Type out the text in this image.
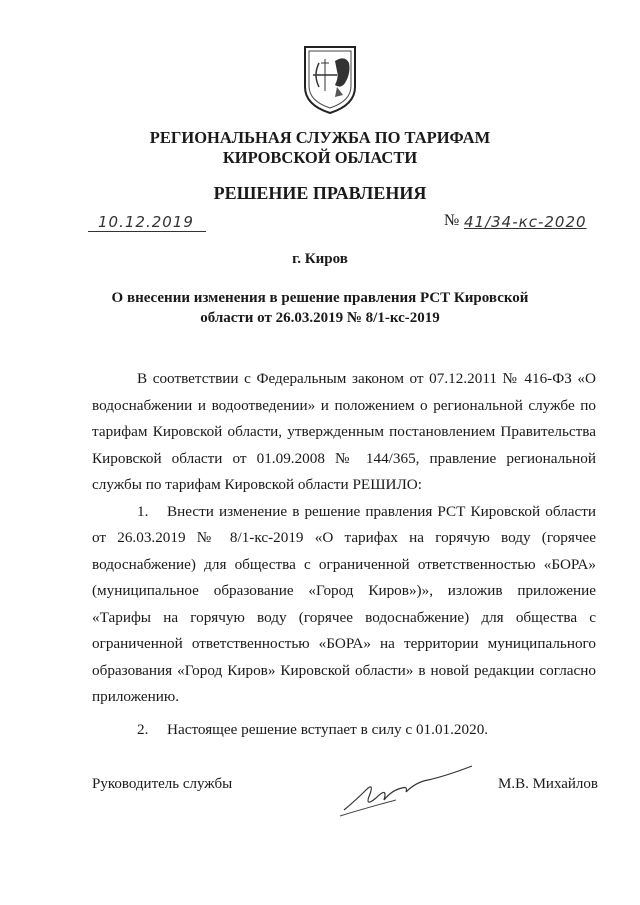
РЕГИОНАЛЬНАЯ СЛУЖБА ПО ТАРИФАМ
КИРОВСКОЙ ОБЛАСТИ
РЕШЕНИЕ ПРАВЛЕНИЯ
10.12.2019	№ 41/34-кс-2020
г. Киров
О внесении изменения в решение правления РСТ Кировской
области от 26.03.2019 № 8/1-кс-2019

В соответствии с Федеральным законом от 07.12.2011 № 416-ФЗ «О водоснабжении и водоотведении» и положением о региональной службе по тарифам Кировской области, утвержденным постановлением Правительства Кировской области от 01.09.2008 № 144/365, правление региональной службы по тарифам Кировской области РЕШИЛО:

1. Внести изменение в решение правления РСТ Кировской области от 26.03.2019 № 8/1-кс-2019 «О тарифах на горячую воду (горячее водоснабжение) для общества с ограниченной ответственностью «БОРА» (муниципальное образование «Город Киров»)», изложив приложение «Тарифы на горячую воду (горячее водоснабжение) для общества с ограниченной ответственностью «БОРА» на территории муниципального образования «Город Киров» Кировской области» в новой редакции согласно приложению.

2. Настоящее решение вступает в силу с 01.01.2020.

Руководитель службы	М.В. Михайлов
